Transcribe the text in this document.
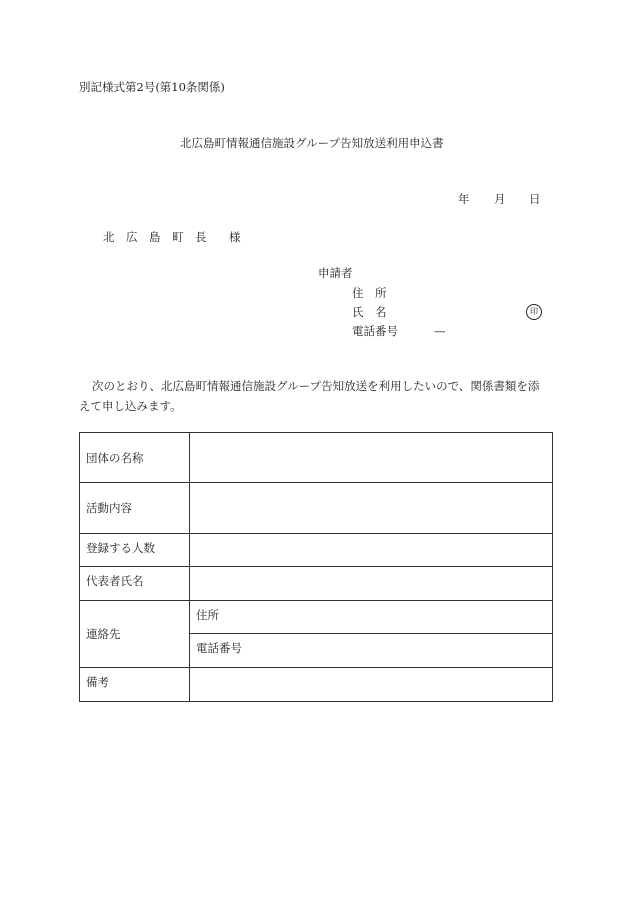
別記様式第2号(第10条関係)
北広島町情報通信施設グループ告知放送利用申込書
年 月 日
北 広 島 町 長 様
申請者
住 所
氏 名	印
電話番号	—
次のとおり、北広島町情報通信施設グループ告知放送を利用したいので、関係書類を添
えて申し込みます。
団体の名称	
活動内容	
登録する人数	
代表者氏名	
連絡先	住所
	電話番号
備考	
